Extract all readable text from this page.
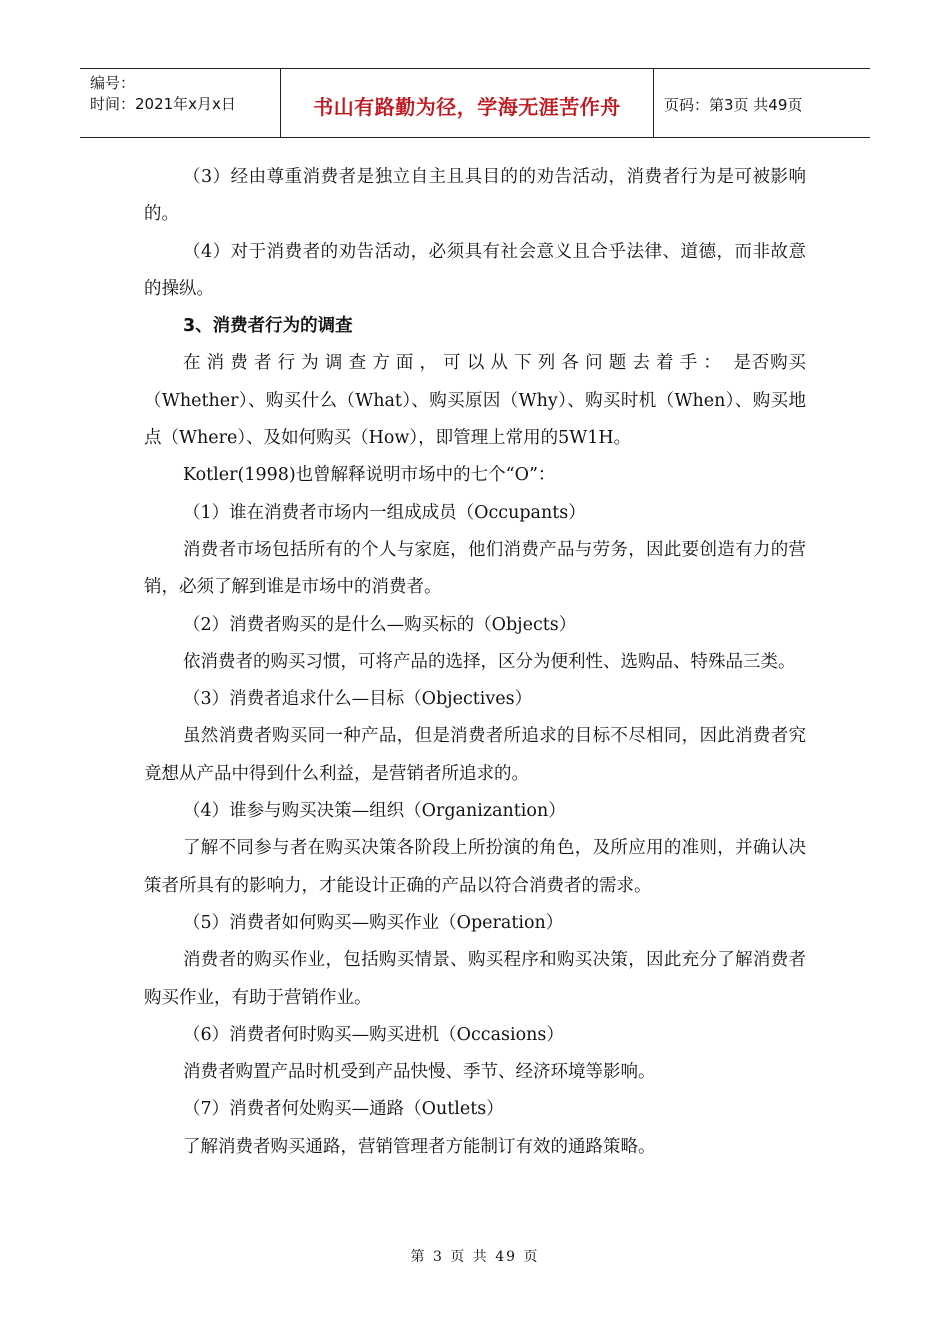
编号：
时间：2021年x月x日	书山有路勤为径，学海无涯苦作舟	页码：第3页 共49页

（3）经由尊重消费者是独立自主且具目的的劝告活动，消费者行为是可被影响的。

（4）对于消费者的劝告活动，必须具有社会意义且合乎法律、道德，而非故意的操纵。

3、消费者行为的调查

在消费者行为调查方面，可以从下列各问题去着手： 是否购买（Whether）、购买什么（What）、购买原因（Why）、购买时机（When）、购买地点（Where）、及如何购买（How），即管理上常用的5W1H。

Kotler(1998)也曾解释说明市场中的七个“O”：

（1）谁在消费者市场内一组成成员（Occupants）

消费者市场包括所有的个人与家庭，他们消费产品与劳务，因此要创造有力的营销，必须了解到谁是市场中的消费者。

（2）消费者购买的是什么—购买标的（Objects）

依消费者的购买习惯，可将产品的选择，区分为便利性、选购品、特殊品三类。

（3）消费者追求什么—目标（Objectives）

虽然消费者购买同一种产品，但是消费者所追求的目标不尽相同，因此消费者究竟想从产品中得到什么利益，是营销者所追求的。

（4）谁参与购买决策—组织（Organizantion）

了解不同参与者在购买决策各阶段上所扮演的角色，及所应用的准则，并确认决策者所具有的影响力，才能设计正确的产品以符合消费者的需求。

（5）消费者如何购买—购买作业（Operation）

消费者的购买作业，包括购买情景、购买程序和购买决策，因此充分了解消费者购买作业，有助于营销作业。

（6）消费者何时购买—购买进机（Occasions）

消费者购置产品时机受到产品快慢、季节、经济环境等影响。

（7）消费者何处购买—通路（Outlets）

了解消费者购买通路，营销管理者方能制订有效的通路策略。

第 3 页 共 49 页
